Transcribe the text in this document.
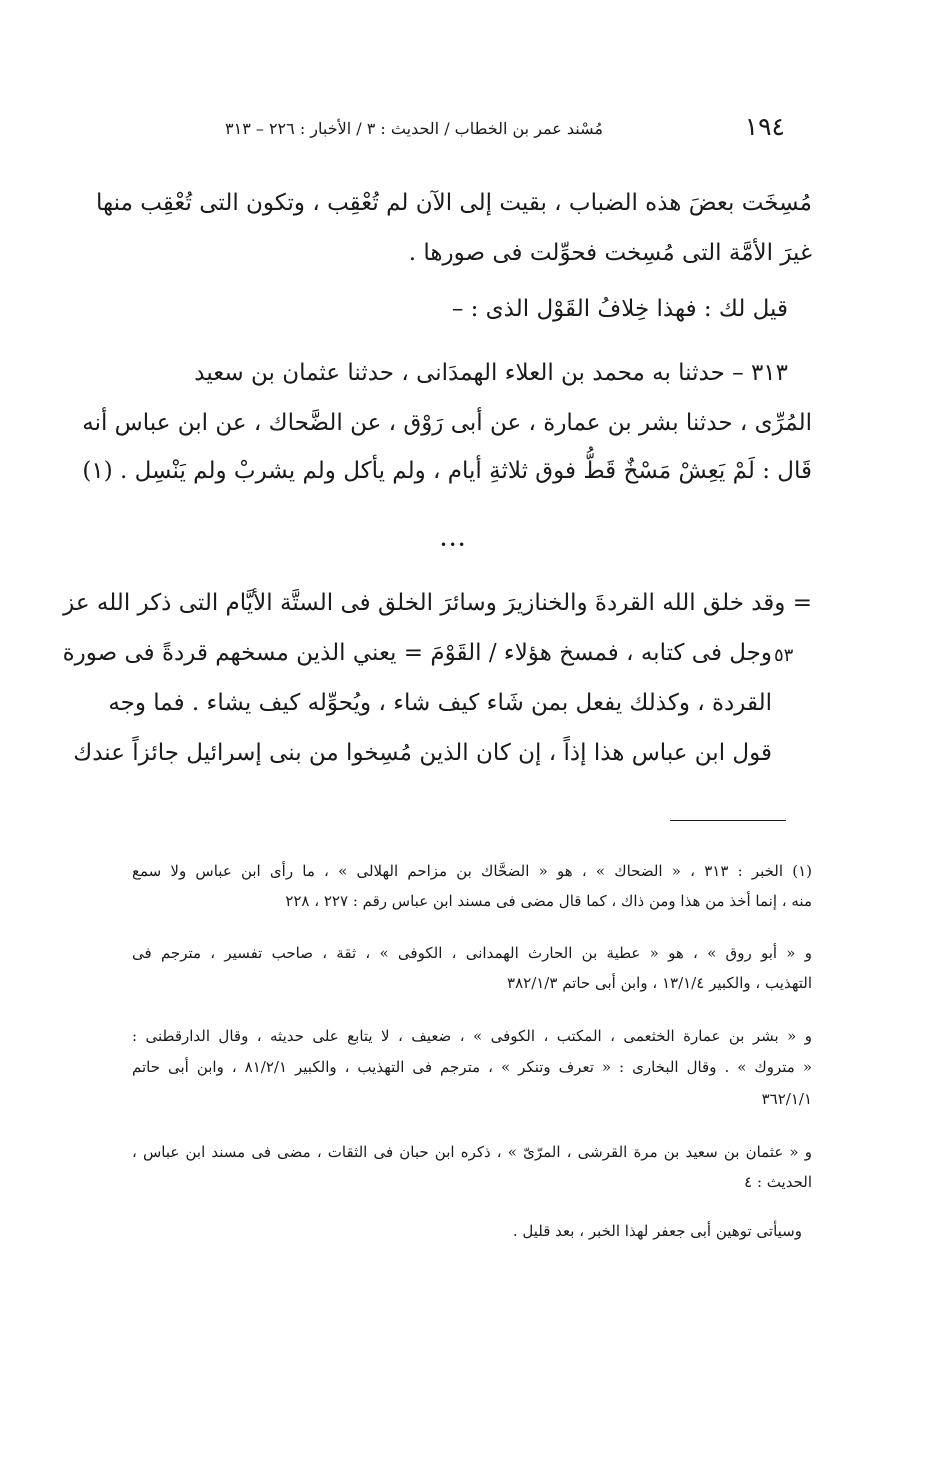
مُسْند عمر بن الخطاب / الحديث : ٣ / الأخبار : ٢٢٦ – ٣١٣	١٩٤
مُسِخَت بعضَ هذه الضباب ، بقيت إلى الآن لم تُعْقِب ، وتكون التى تُعْقِب منها
غيرَ الأمَّة التى مُسِخت فحوِّلت فى صورها .
قيل لك : فهذا خِلافُ القَوْل الذى : –
٣١٣ – حدثنا به محمد بن العلاء الهمدَانى ، حدثنا عثمان بن سعيد
المُرِّى ، حدثنا بشر بن عمارة ، عن أبى رَوْق ، عن الضَّحاك ، عن ابن عباس أنه
قَال : لَمْ يَعِشْ مَسْخٌ قَطُّ فوق ثلاثةِ أيام ، ولم يأكل ولم يشربْ ولم يَنْسِل . (١)
•••
= وقد خلق الله القردةَ والخنازيرَ وسائرَ الخلق فى الستَّة الأيَّام التى ذكر الله عز
٥٣
وجل فى كتابه ، فمسخ هؤلاء / القَوْمَ = يعني الذين مسخهم قردةً فى صورة
القردة ، وكذلك يفعل بمن شَاء كيف شاء ، ويُحوِّله كيف يشاء . فما وجه
قول ابن عباس هذا إذاً ، إن كان الذين مُسِخوا من بنى إسرائيل جائزاً عندك
(١) الخبر : ٣١٣ ، « الضحاك » ، هو « الضحَّاك بن مزاحم الهلالى » ، ما رأى ابن عباس ولا سمع
منه ، إنما أخذ من هذا ومن ذاك ، كما قال مضى فى مسند ابن عباس رقم : ٢٢٧ ، ٢٢٨
و « أبو روق » ، هو « عطية بن الحارث الهمدانى ، الكوفى » ، ثقة ، صاحب تفسير ، مترجم فى
التهذيب ، والكبير ١٣/١/٤ ، وابن أبى حاتم ٣٨٢/١/٣
و « بشر بن عمارة الخثعمى ، المكتب ، الكوفى » ، ضعيف ، لا يتابع على حديثه ، وقال الدارقطنى :
« متروك » . وقال البخارى : « تعرف وتنكر » ، مترجم فى التهذيب ، والكبير ٨١/٢/١ ، وابن أبى حاتم
٣٦٢/١/١
و « عثمان بن سعيد بن مرة القرشى ، المرّىّ » ، ذكره ابن حبان فى الثقات ، مضى فى مسند ابن عباس ،
الحديث : ٤
وسيأتى توهين أبى جعفر لهذا الخبر ، بعد قليل .
